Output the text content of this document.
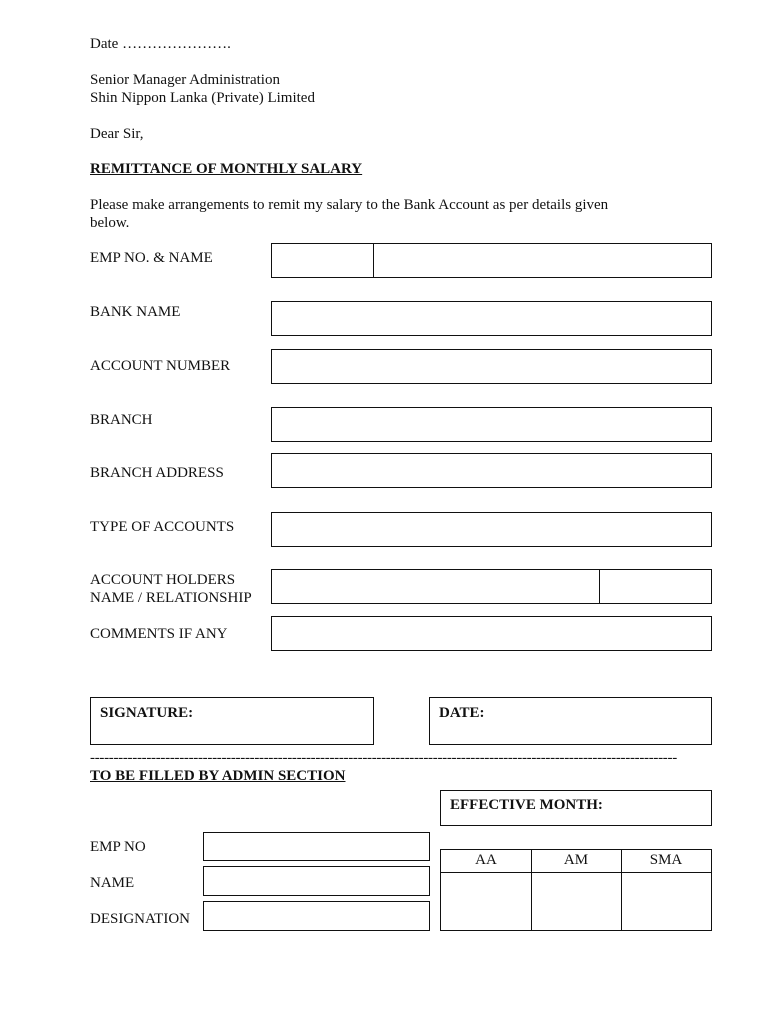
Date ………………….
Senior Manager Administration
Shin Nippon Lanka (Private) Limited
Dear Sir,
REMITTANCE OF MONTHLY SALARY
Please make arrangements to remit my salary to the Bank Account as per details given
below.
EMP NO. & NAME
BANK NAME
ACCOUNT NUMBER
BRANCH
BRANCH ADDRESS
TYPE OF ACCOUNTS
ACCOUNT HOLDERS
NAME / RELATIONSHIP
COMMENTS IF ANY
SIGNATURE:	DATE:
-----------------------------------------------------------------------------------------------------------------------------
TO BE FILLED BY ADMIN SECTION
EFFECTIVE MONTH:
EMP NO
NAME
DESIGNATION
AA	AM	SMA
